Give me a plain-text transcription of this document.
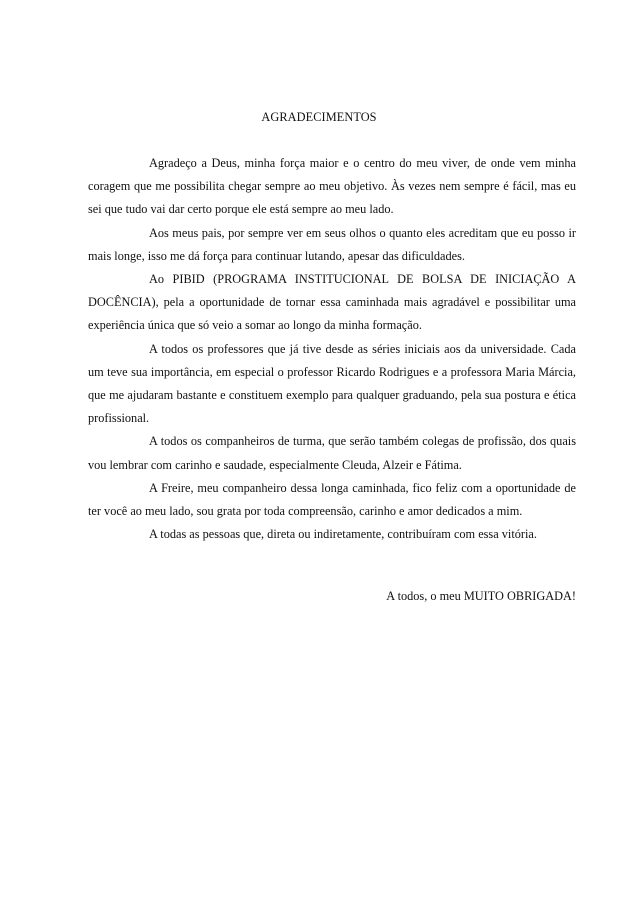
AGRADECIMENTOS

Agradeço a Deus, minha força maior e o centro do meu viver, de onde vem minha coragem que me possibilita chegar sempre ao meu objetivo. Às vezes nem sempre é fácil, mas eu sei que tudo vai dar certo porque ele está sempre ao meu lado.

Aos meus pais, por sempre ver em seus olhos o quanto eles acreditam que eu posso ir mais longe, isso me dá força para continuar lutando, apesar das dificuldades.

Ao PIBID (PROGRAMA INSTITUCIONAL DE BOLSA DE INICIAÇÃO A DOCÊNCIA), pela a oportunidade de tornar essa caminhada mais agradável e possibilitar uma experiência única que só veio a somar ao longo da minha formação.

A todos os professores que já tive desde as séries iniciais aos da universidade. Cada um teve sua importância, em especial o professor Ricardo Rodrigues e a professora Maria Márcia, que me ajudaram bastante e constituem exemplo para qualquer graduando, pela sua postura e ética profissional.

A todos os companheiros de turma, que serão também colegas de profissão, dos quais vou lembrar com carinho e saudade, especialmente Cleuda, Alzeir e Fátima.

A Freire, meu companheiro dessa longa caminhada, fico feliz com a oportunidade de ter você ao meu lado, sou grata por toda compreensão, carinho e amor dedicados a mim.

A todas as pessoas que, direta ou indiretamente, contribuíram com essa vitória.

A todos, o meu MUITO OBRIGADA!
